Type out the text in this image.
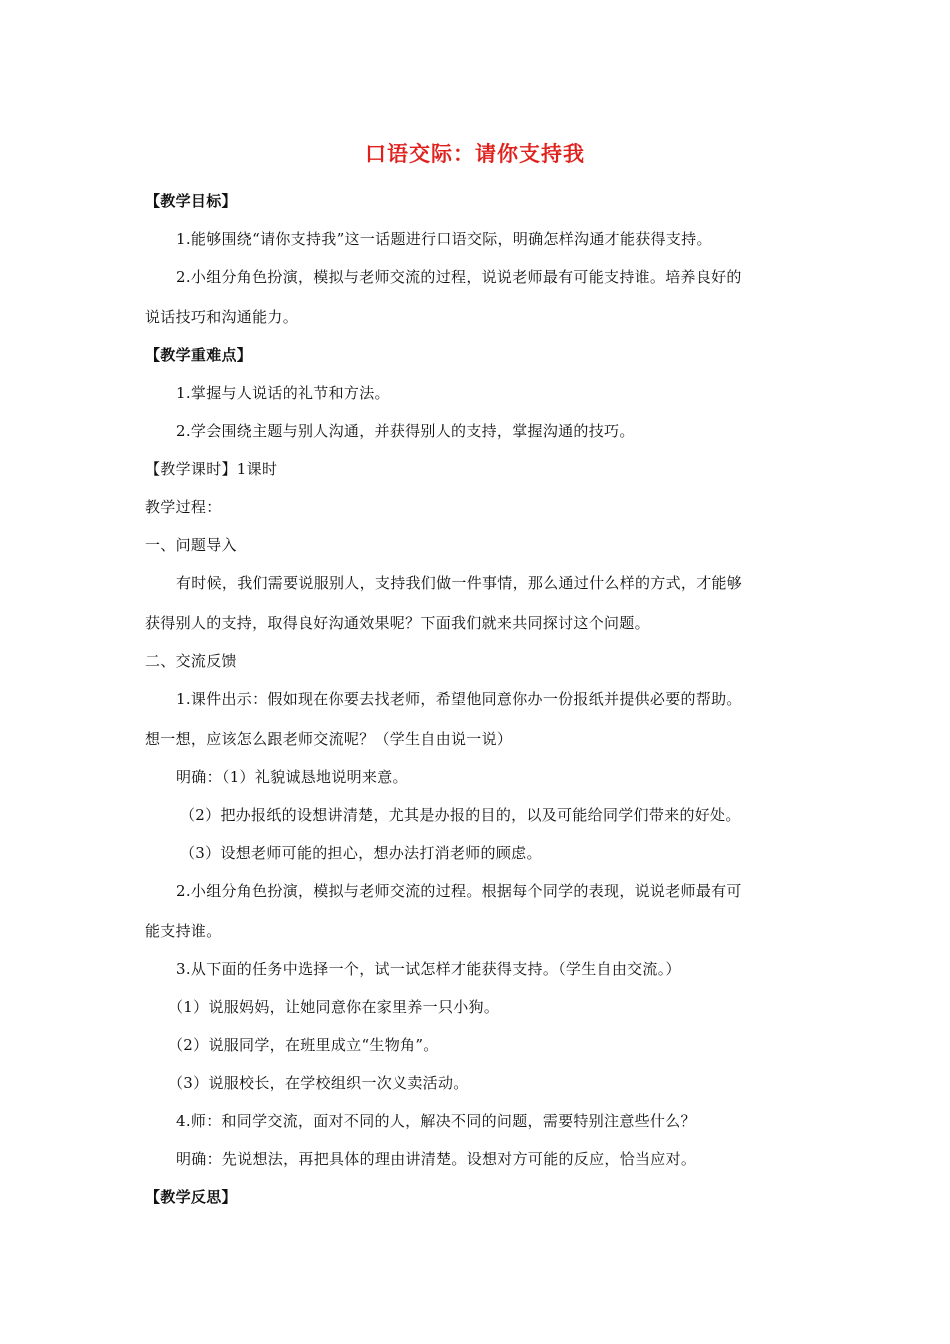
口语交际：请你支持我
【教学目标】
1.能够围绕“请你支持我”这一话题进行口语交际，明确怎样沟通才能获得支持。
2.小组分角色扮演，模拟与老师交流的过程，说说老师最有可能支持谁。培养良好的
说话技巧和沟通能力。
【教学重难点】
1.掌握与人说话的礼节和方法。
2.学会围绕主题与别人沟通，并获得别人的支持，掌握沟通的技巧。
【教学课时】1课时
教学过程：
一、问题导入
有时候，我们需要说服别人，支持我们做一件事情，那么通过什么样的方式，才能够
获得别人的支持，取得良好沟通效果呢？下面我们就来共同探讨这个问题。
二、交流反馈
1.课件出示：假如现在你要去找老师，希望他同意你办一份报纸并提供必要的帮助。
想一想，应该怎么跟老师交流呢？（学生自由说一说）
明确：（1）礼貌诚恳地说明来意。
（2）把办报纸的设想讲清楚，尤其是办报的目的，以及可能给同学们带来的好处。
（3）设想老师可能的担心，想办法打消老师的顾虑。
2.小组分角色扮演，模拟与老师交流的过程。根据每个同学的表现，说说老师最有可
能支持谁。
3.从下面的任务中选择一个，试一试怎样才能获得支持。（学生自由交流。）
（1）说服妈妈，让她同意你在家里养一只小狗。
（2）说服同学，在班里成立“生物角”。
（3）说服校长，在学校组织一次义卖活动。
4.师：和同学交流，面对不同的人，解决不同的问题，需要特别注意些什么？
明确：先说想法，再把具体的理由讲清楚。设想对方可能的反应，恰当应对。
【教学反思】
